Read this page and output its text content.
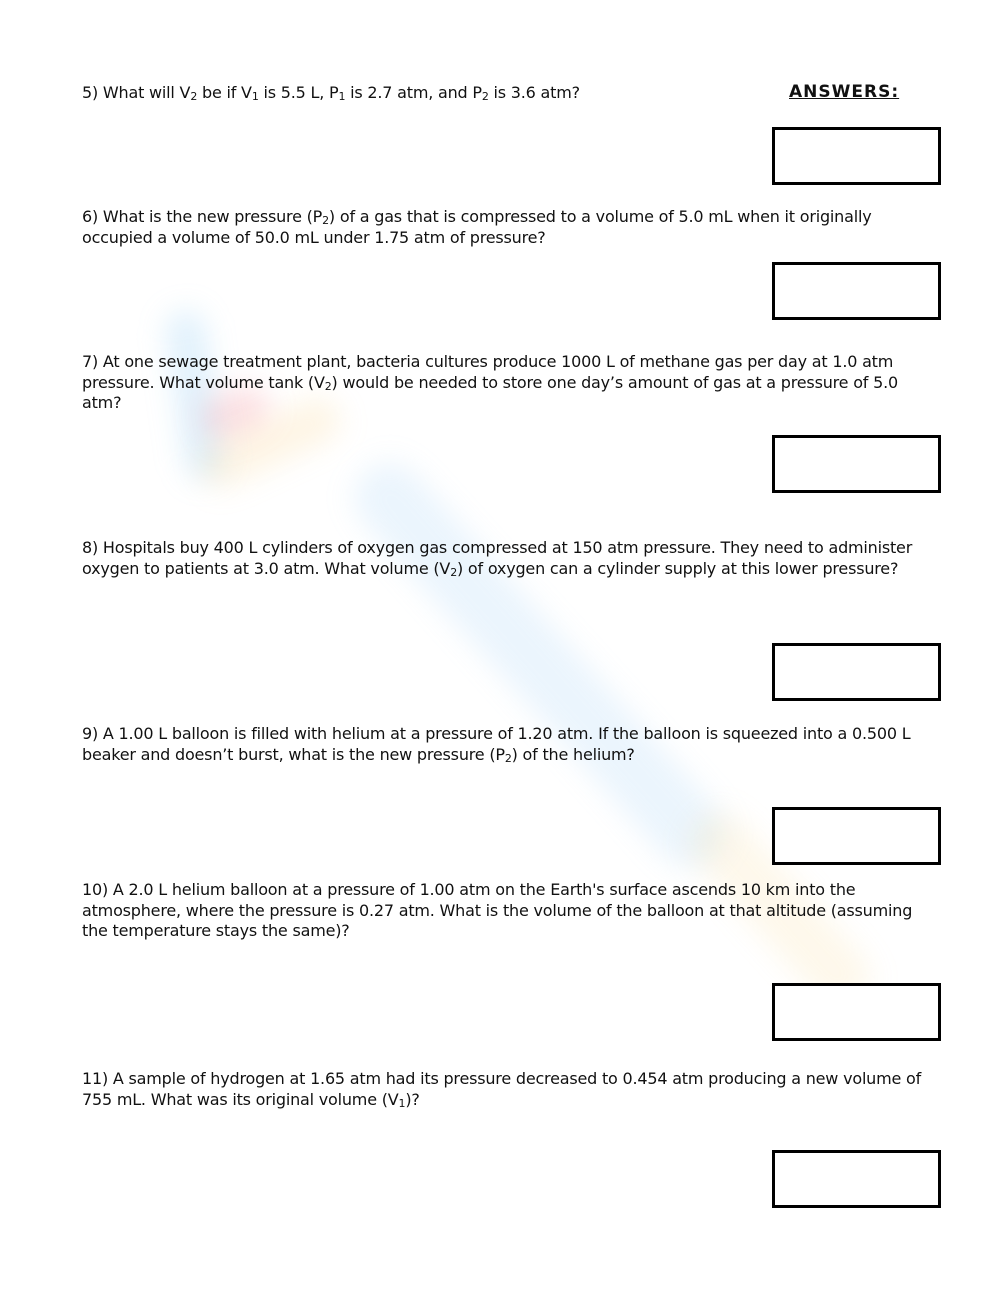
ANSWERS:
5) What will $V_2$ be if $V_1$ is 5.5 L, $P_1$ is 2.7 atm, and $P_2$ is 3.6 atm?
6) What is the new pressure $(P_2)$ of a gas that is compressed to a volume of 5.0 mL when it originally occupied a volume of 50.0 mL under 1.75 atm of pressure?
7) At one sewage treatment plant, bacteria cultures produce 1000 L of methane gas per day at 1.0 atm pressure. What volume tank $(V_2)$ would be needed to store one day’s amount of gas at a pressure of 5.0 atm?
8) Hospitals buy 400 L cylinders of oxygen gas compressed at 150 atm pressure. They need to administer oxygen to patients at 3.0 atm. What volume $(V_2)$ of oxygen can a cylinder supply at this lower pressure?
9) A 1.00 L balloon is filled with helium at a pressure of 1.20 atm. If the balloon is squeezed into a 0.500 L beaker and doesn’t burst, what is the new pressure $(P_2)$ of the helium?
10) A 2.0 L helium balloon at a pressure of 1.00 atm on the Earth's surface ascends 10 km into the atmosphere, where the pressure is 0.27 atm. What is the volume of the balloon at that altitude (assuming the temperature stays the same)?
11) A sample of hydrogen at 1.65 atm had its pressure decreased to 0.454 atm producing a new volume of 755 mL. What was its original volume $(V_1)$?
